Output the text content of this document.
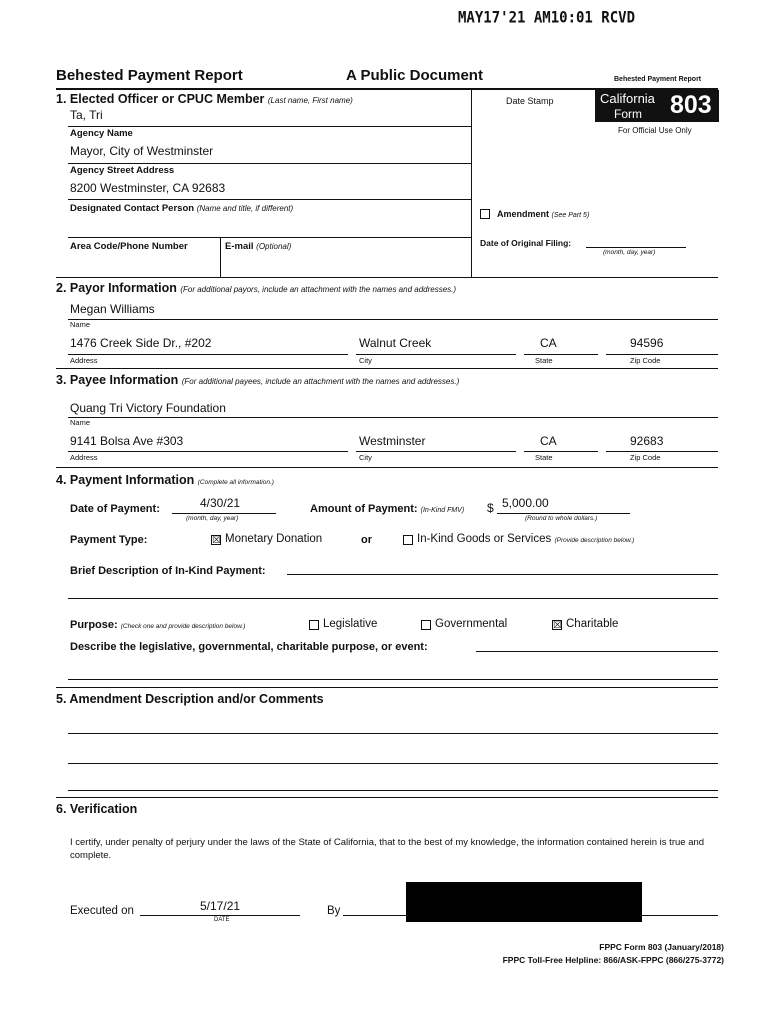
MAY17'21 AM10:01 RCVD
Behested Payment Report	A Public Document	Behested Payment Report
Date Stamp	California
Form 803
For Official Use Only
1. Elected Officer or CPUC Member (Last name, First name)
Ta, Tri
Agency Name
Mayor, City of Westminster
Agency Street Address
8200 Westminster, CA 92683
Designated Contact Person (Name and title, if different)
Area Code/Phone Number	E-mail (Optional)
Amendment (See Part 5)
Date of Original Filing:
(month, day, year)
2. Payor Information (For additional payors, include an attachment with the names and addresses.)
Megan Williams
Name
1476 Creek Side Dr., #202	Walnut Creek	CA	94596
Address	City	State	Zip Code
3. Payee Information (For additional payees, include an attachment with the names and addresses.)
Quang Tri Victory Foundation
Name
9141 Bolsa Ave #303	Westminster	CA	92683
Address	City	State	Zip Code
4. Payment Information (Complete all information.)
Date of Payment:	4/30/21
(month, day, year)
Amount of Payment: (In-Kind FMV) $ 5,000.00
(Round to whole dollars.)
Payment Type:	☒ Monetary Donation	or	In-Kind Goods or Services (Provide description below.)
Brief Description of In-Kind Payment:
Purpose: (Check one and provide description below.)	Legislative	Governmental	☒ Charitable
Describe the legislative, governmental, charitable purpose, or event:
5. Amendment Description and/or Comments
6. Verification
I certify, under penalty of perjury under the laws of the State of California, that to the best of my knowledge, the information contained herein is true and complete.
Executed on	5/17/21
DATE
By
FPPC Form 803 (January/2018)
FPPC Toll-Free Helpline: 866/ASK-FPPC (866/275-3772)
